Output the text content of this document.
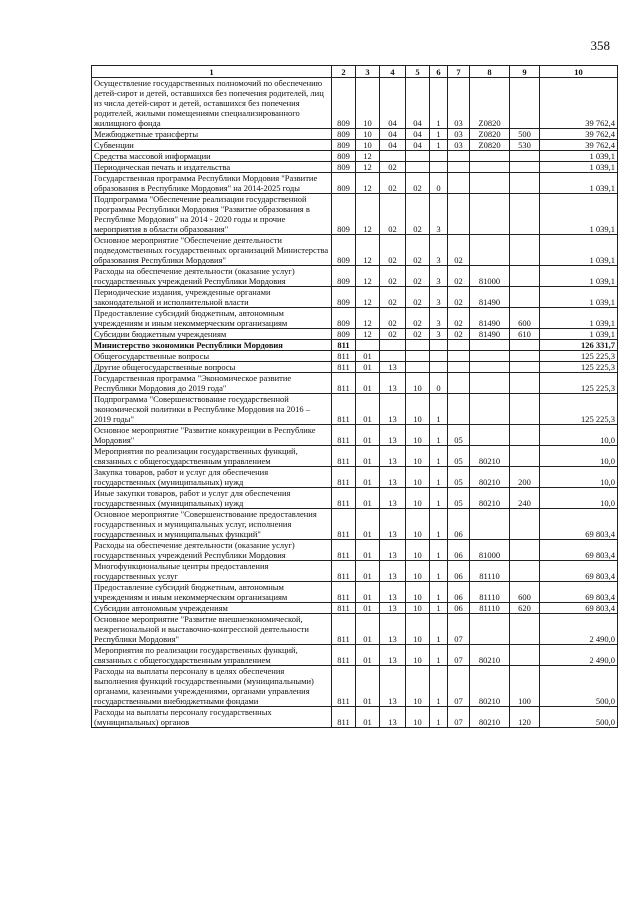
358
1	2	3	4	5	6	7	8	9	10
Осуществление государственных полномочий по обеспечению детей-сирот и детей, оставшихся без попечения родителей, лиц из числа детей-сирот и детей, оставшихся без попечения родителей, жилыми помещениями специализированного жилищного фонда	809	10	04	04	1	03	Z0820		39 762,4
Межбюджетные трансферты	809	10	04	04	1	03	Z0820	500	39 762,4
Субвенции	809	10	04	04	1	03	Z0820	530	39 762,4
Средства массовой информации	809	12							1 039,1
Периодическая печать и издательства	809	12	02						1 039,1
Государственная программа Республики Мордовия "Развитие образования в Республике Мордовия" на 2014-2025 годы	809	12	02	02	0				1 039,1
Подпрограмма "Обеспечение реализации государственной программы Республики Мордовия "Развитие образования в Республике Мордовия" на 2014 - 2020 годы и прочие мероприятия в области образования"	809	12	02	02	3				1 039,1
Основное мероприятие "Обеспечение деятельности подведомственных государственных организаций Министерства образования Республики Мордовия"	809	12	02	02	3	02			1 039,1
Расходы на обеспечение деятельности (оказание услуг) государственных учреждений Республики Мордовия	809	12	02	02	3	02	81000		1 039,1
Периодические издания, учрежденные органами законодательной и исполнительной власти	809	12	02	02	3	02	81490		1 039,1
Предоставление субсидий бюджетным, автономным учреждениям и иным некоммерческим организациям	809	12	02	02	3	02	81490	600	1 039,1
Субсидии бюджетным учреждениям	809	12	02	02	3	02	81490	610	1 039,1
Министерство экономики Республики Мордовия	811								126 331,7
Общегосударственные вопросы	811	01							125 225,3
Другие общегосударственные вопросы	811	01	13						125 225,3
Государственная программа "Экономическое развитие Республики Мордовия до 2019 года"	811	01	13	10	0				125 225,3
Подпрограмма "Совершенствование государственной экономической политики в Республике Мордовия на 2016 – 2019 годы"	811	01	13	10	1				125 225,3
Основное мероприятие "Развитие конкуренции в Республике Мордовия"	811	01	13	10	1	05			10,0
Мероприятия по реализации государственных функций, связанных с общегосударственным управлением	811	01	13	10	1	05	80210		10,0
Закупка товаров, работ и услуг для обеспечения государственных (муниципальных) нужд	811	01	13	10	1	05	80210	200	10,0
Иные закупки товаров, работ и услуг для обеспечения государственных (муниципальных) нужд	811	01	13	10	1	05	80210	240	10,0
Основное мероприятие "Совершенствование предоставления государственных и муниципальных услуг, исполнения государственных и муниципальных функций"	811	01	13	10	1	06			69 803,4
Расходы на обеспечение деятельности (оказание услуг) государственных учреждений Республики Мордовия	811	01	13	10	1	06	81000		69 803,4
Многофункциональные центры предоставления государственных услуг	811	01	13	10	1	06	81110		69 803,4
Предоставление субсидий бюджетным, автономным учреждениям и иным некоммерческим организациям	811	01	13	10	1	06	81110	600	69 803,4
Субсидии автономным учреждениям	811	01	13	10	1	06	81110	620	69 803,4
Основное мероприятие "Развитие внешнеэкономической, межрегиональной и выставочно-конгрессной деятельности Республики Мордовия"	811	01	13	10	1	07			2 490,0
Мероприятия по реализации государственных функций, связанных с общегосударственным управлением	811	01	13	10	1	07	80210		2 490,0
Расходы на выплаты персоналу в целях обеспечения выполнения функций государственными (муниципальными) органами, казенными учреждениями, органами управления государственными внебюджетными фондами	811	01	13	10	1	07	80210	100	500,0
Расходы на выплаты персоналу государственных (муниципальных) органов	811	01	13	10	1	07	80210	120	500,0
